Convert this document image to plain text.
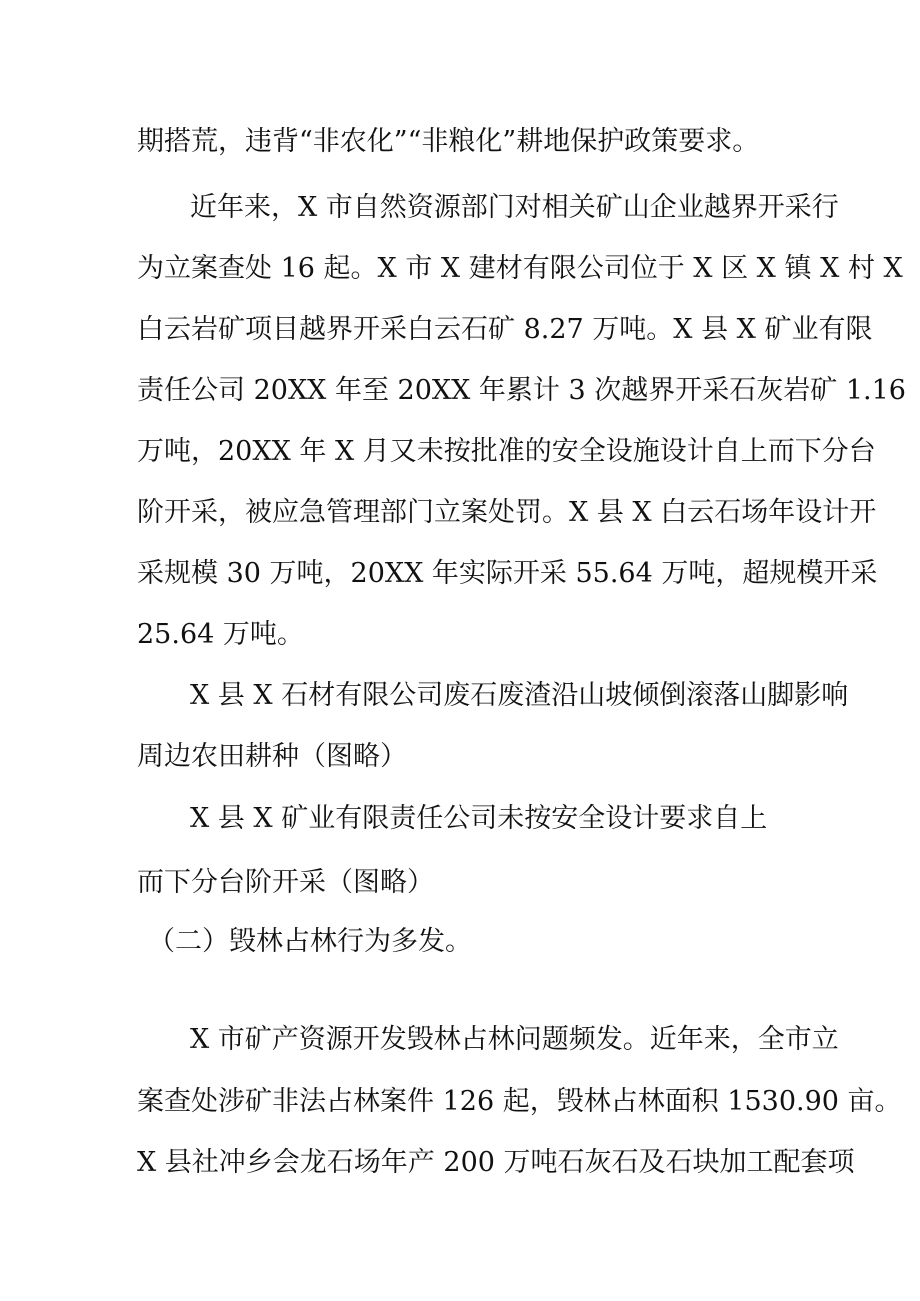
期搭荒，违背“非农化”“非粮化”耕地保护政策要求。
近年来，X 市自然资源部门对相关矿山企业越界开采行
为立案查处 16 起。X 市 X 建材有限公司位于 X 区 X 镇 X 村 X
白云岩矿项目越界开采白云石矿 8.27 万吨。X 县 X 矿业有限
责任公司 20XX 年至 20XX 年累计 3 次越界开采石灰岩矿 1.16
万吨，20XX 年 X 月又未按批准的安全设施设计自上而下分台
阶开采，被应急管理部门立案处罚。X 县 X 白云石场年设计开
采规模 30 万吨，20XX 年实际开采 55.64 万吨，超规模开采
25.64 万吨。
X 县 X 石材有限公司废石废渣沿山坡倾倒滚落山脚影响
周边农田耕种（图略）
X 县 X 矿业有限责任公司未按安全设计要求自上
而下分台阶开采（图略）
（二）毁林占林行为多发。
X 市矿产资源开发毁林占林问题频发。近年来，全市立
案查处涉矿非法占林案件 126 起，毁林占林面积 1530.90 亩。
X 县社冲乡会龙石场年产 200 万吨石灰石及石块加工配套项
